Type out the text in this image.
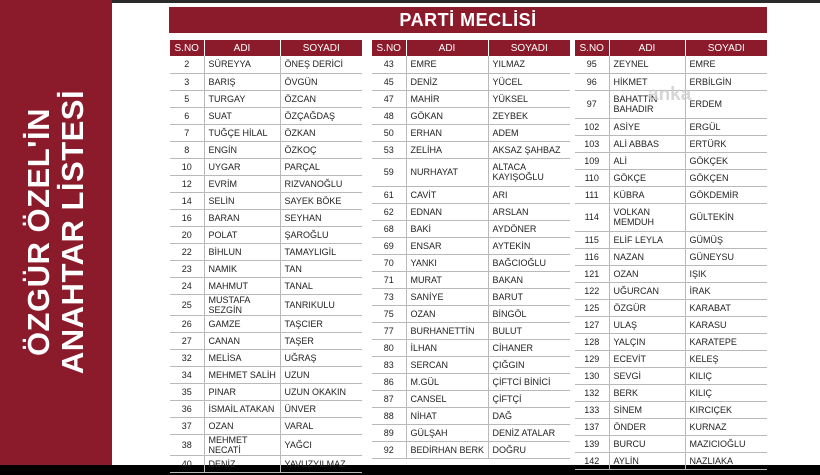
ÖZGÜR ÖZEL'İN ANAHTAR LİSTESİ
PARTİ MECLİSİ
S.NO	ADI	SOYADI
2	SÜREYYA	ÖNEŞ DERİCİ
3	BARIŞ	ÖVGÜN
5	TURGAY	ÖZCAN
6	SUAT	ÖZÇAĞDAŞ
7	TUĞÇE HİLAL	ÖZKAN
8	ENGİN	ÖZKOÇ
10	UYGAR	PARÇAL
12	EVRİM	RIZVANOĞLU
14	SELİN	SAYEK BÖKE
16	BARAN	SEYHAN
20	POLAT	ŞAROĞLU
22	BİHLUN	TAMAYLIGİL
23	NAMIK	TAN
24	MAHMUT	TANAL
25	MUSTAFA SEZGİN	TANRIKULU
26	GAMZE	TAŞCIER
27	CANAN	TAŞER
32	MELİSA	UĞRAŞ
34	MEHMET SALİH	UZUN
35	PINAR	UZUN OKAKIN
36	İSMAİL ATAKAN	ÜNVER
37	OZAN	VARAL
38	MEHMET NECATİ	YAĞCI
40	DENİZ	YAVUZYILMAZ
S.NO	ADI	SOYADI
43	EMRE	YILMAZ
45	DENİZ	YÜCEL
47	MAHİR	YÜKSEL
48	GÖKAN	ZEYBEK
50	ERHAN	ADEM
53	ZELİHA	AKSAZ ŞAHBAZ
59	NURHAYAT	ALTACA KAYIŞOĞLU
61	CAVİT	ARI
62	EDNAN	ARSLAN
68	BAKİ	AYDÖNER
69	ENSAR	AYTEKİN
70	YANKI	BAĞCIOĞLU
71	MURAT	BAKAN
73	SANİYE	BARUT
75	OZAN	BİNGÖL
77	BURHANETTİN	BULUT
80	İLHAN	CİHANER
83	SERCAN	ÇIĞGIN
86	M.GÜL	ÇİFTCİ BİNİCİ
87	CANSEL	ÇİFTÇİ
88	NİHAT	DAĞ
89	GÜLŞAH	DENİZ ATALAR
92	BEDİRHAN BERK	DOĞRU
S.NO	ADI	SOYADI
95	ZEYNEL	EMRE
96	HİKMET	ERBİLGİN
97	BAHATTİN BAHADIR	ERDEM
102	ASİYE	ERGÜL
103	ALİ ABBAS	ERTÜRK
109	ALİ	GÖKÇEK
110	GÖKÇE	GÖKÇEN
111	KÜBRA	GÖKDEMİR
114	VOLKAN MEMDUH	GÜLTEKİN
115	ELİF LEYLA	GÜMÜŞ
116	NAZAN	GÜNEYSU
121	OZAN	IŞIK
122	UĞURCAN	İRAK
125	ÖZGÜR	KARABAT
127	ULAŞ	KARASU
128	YALÇIN	KARATEPE
129	ECEVİT	KELEŞ
130	SEVGİ	KILIÇ
132	BERK	KILIÇ
133	SİNEM	KIRCIÇEK
137	ÖNDER	KURNAZ
139	BURCU	MAZICIOĞLU
142	AYLİN	NAZLIAKA
anka
